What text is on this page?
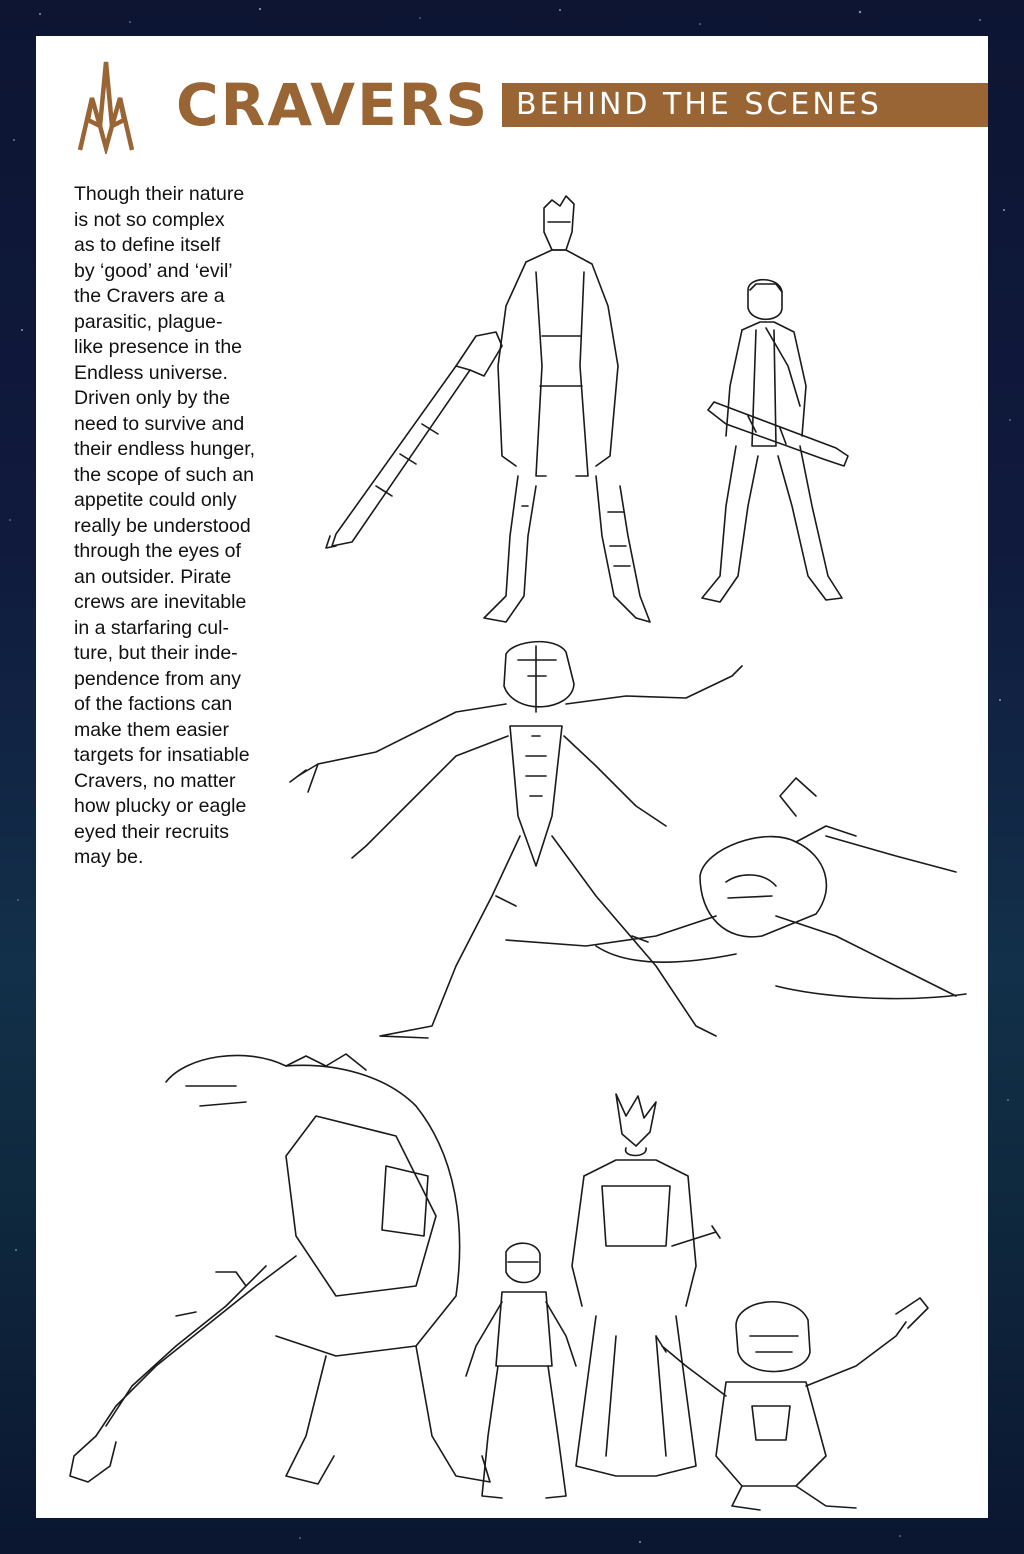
CRAVERS BEHIND THE SCENES

Though their nature
is not so complex
as to define itself
by ‘good’ and ‘evil’
the Cravers are a
parasitic, plague-
like presence in the
Endless universe.
Driven only by the
need to survive and
their endless hunger,
the scope of such an
appetite could only
really be understood
through the eyes of
an outsider. Pirate
crews are inevitable
in a starfaring cul-
ture, but their inde-
pendence from any
of the factions can
make them easier
targets for insatiable
Cravers, no matter
how plucky or eagle
eyed their recruits
may be.
